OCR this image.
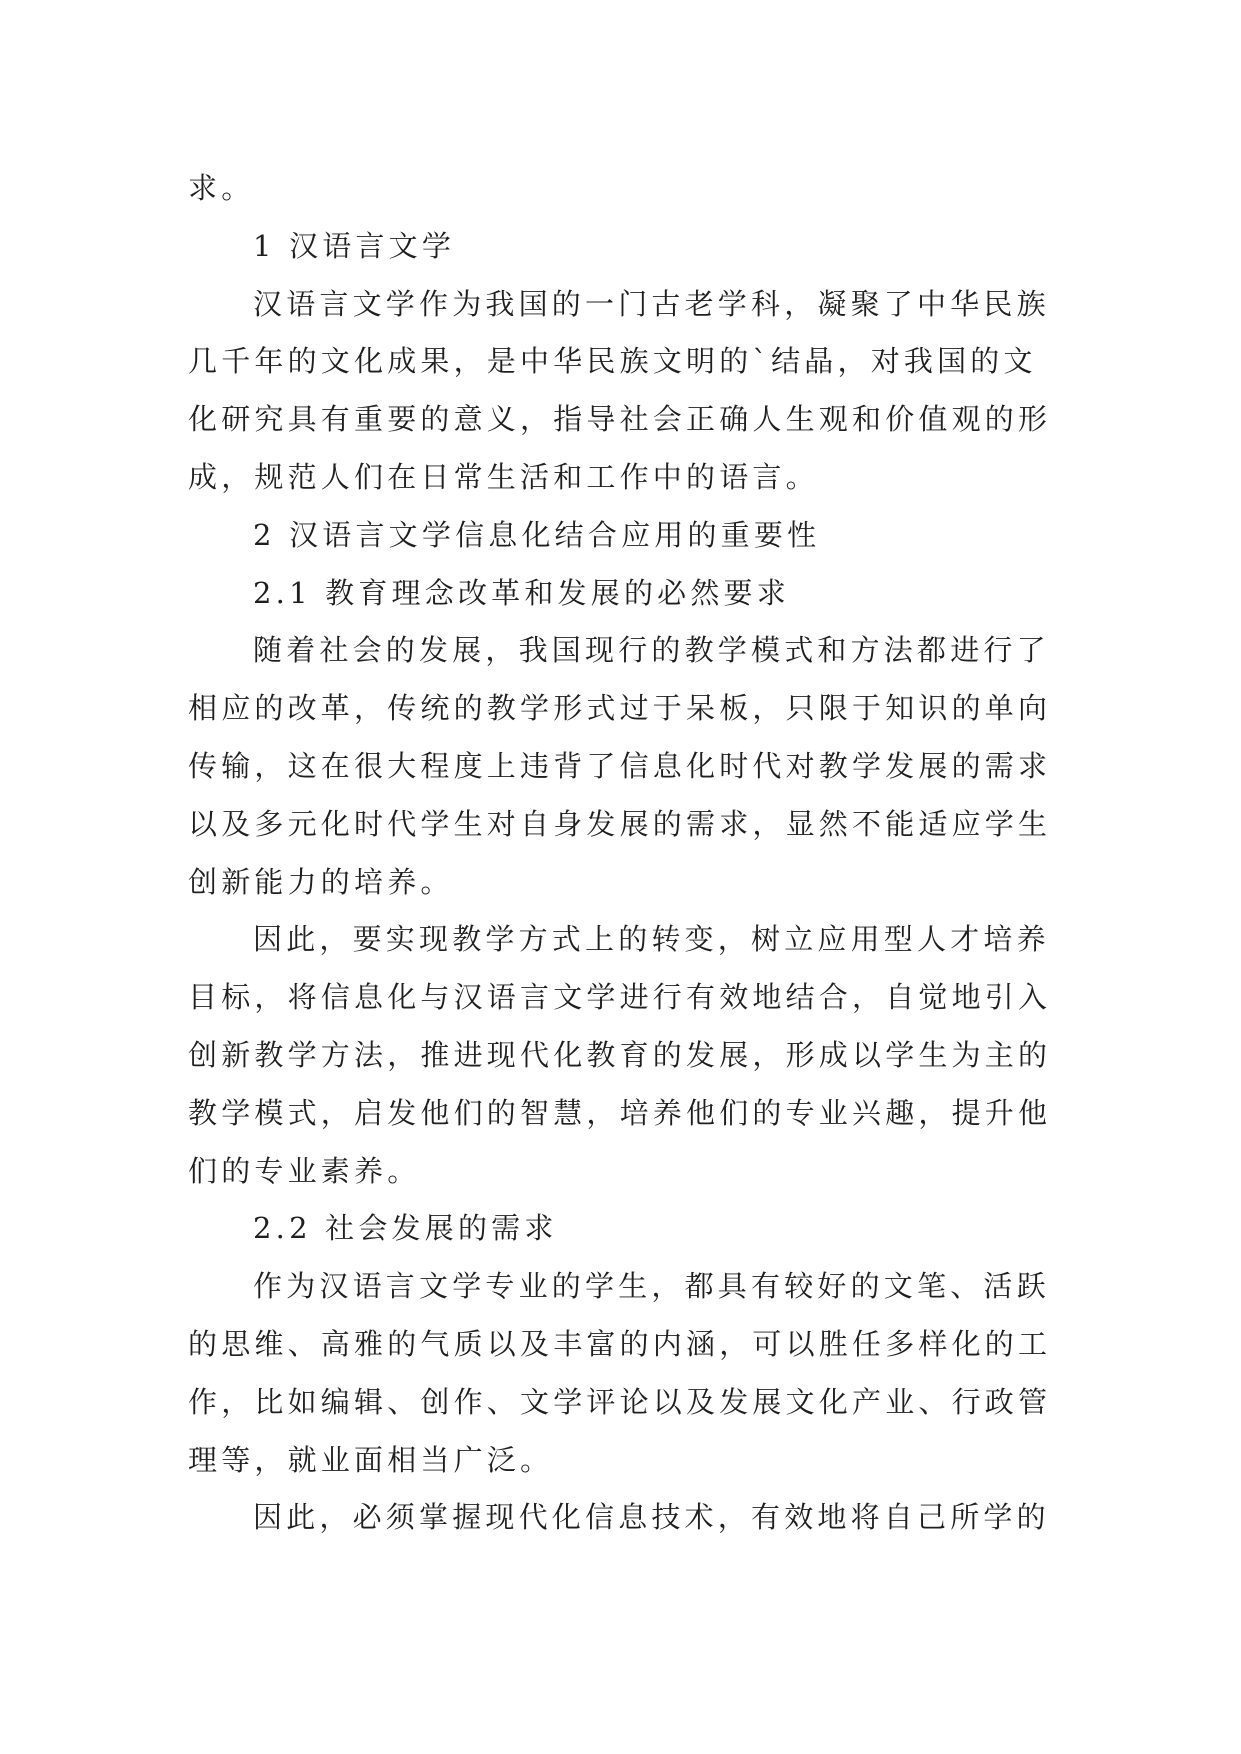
求。
1 汉语言文学
汉语言文学作为我国的一门古老学科，凝聚了中华民族
几千年的文化成果，是中华民族文明的`结晶，对我国的文
化研究具有重要的意义，指导社会正确人生观和价值观的形
成，规范人们在日常生活和工作中的语言。
2 汉语言文学信息化结合应用的重要性
2.1 教育理念改革和发展的必然要求
随着社会的发展，我国现行的教学模式和方法都进行了
相应的改革，传统的教学形式过于呆板，只限于知识的单向
传输，这在很大程度上违背了信息化时代对教学发展的需求
以及多元化时代学生对自身发展的需求，显然不能适应学生
创新能力的培养。
因此，要实现教学方式上的转变，树立应用型人才培养
目标，将信息化与汉语言文学进行有效地结合，自觉地引入
创新教学方法，推进现代化教育的发展，形成以学生为主的
教学模式，启发他们的智慧，培养他们的专业兴趣，提升他
们的专业素养。
2.2 社会发展的需求
作为汉语言文学专业的学生，都具有较好的文笔、活跃
的思维、高雅的气质以及丰富的内涵，可以胜任多样化的工
作，比如编辑、创作、文学评论以及发展文化产业、行政管
理等，就业面相当广泛。
因此，必须掌握现代化信息技术，有效地将自己所学的
